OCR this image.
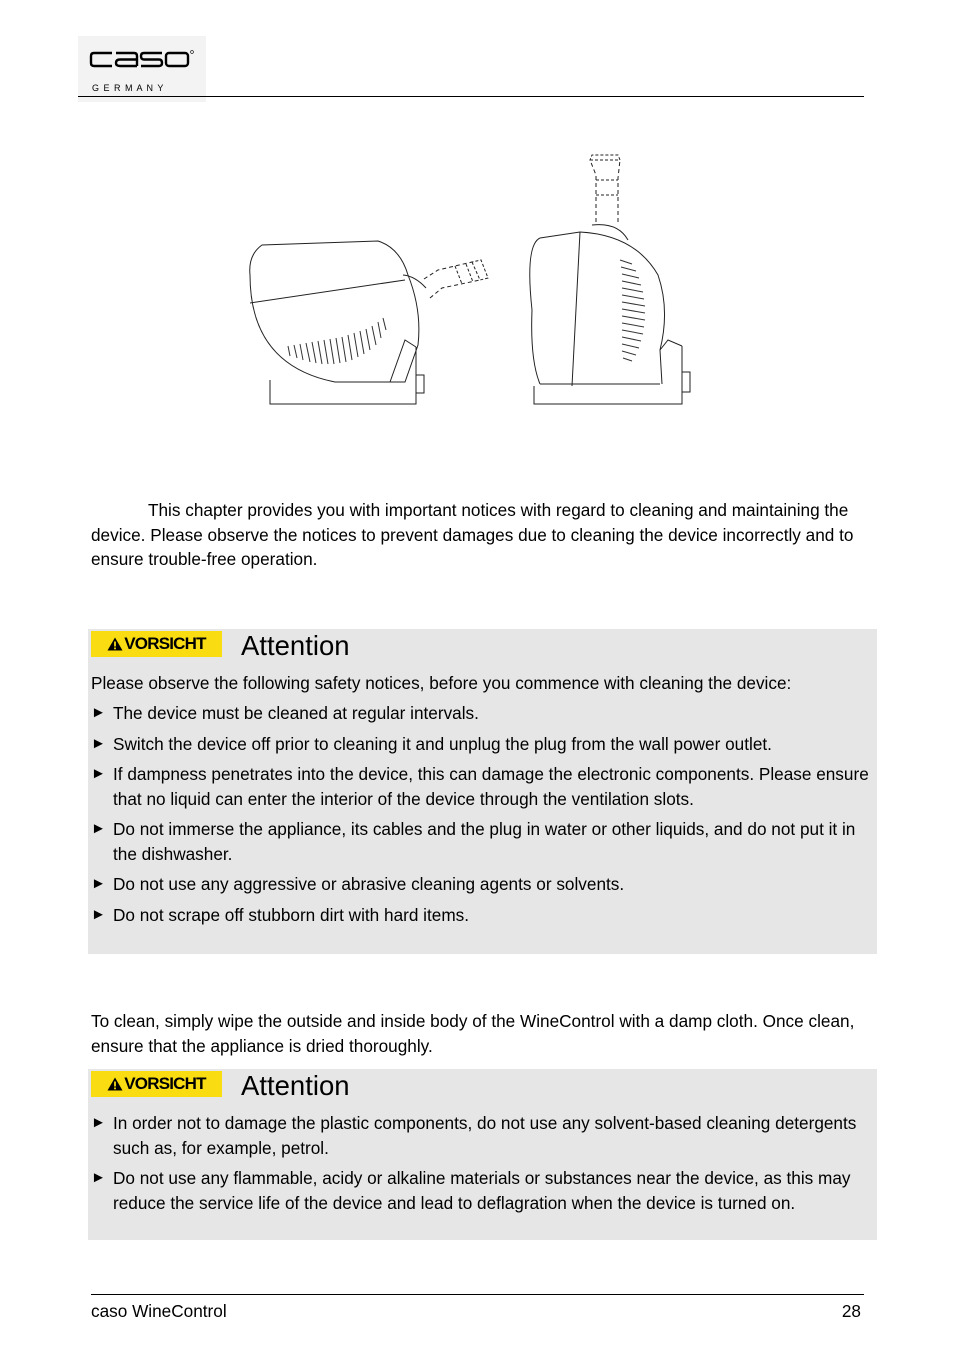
G E R M A N Y

This chapter provides you with important notices with regard to cleaning and maintaining the device. Please observe the notices to prevent damages due to cleaning the device incorrectly and to ensure trouble-free operation.

VORSICHT Attention

Please observe the following safety notices, before you commence with cleaning the device:

► The device must be cleaned at regular intervals.
► Switch the device off prior to cleaning it and unplug the plug from the wall power outlet.
► If dampness penetrates into the device, this can damage the electronic components. Please ensure that no liquid can enter the interior of the device through the ventilation slots.
► Do not immerse the appliance, its cables and the plug in water or other liquids, and do not put it in the dishwasher.
► Do not use any aggressive or abrasive cleaning agents or solvents.
► Do not scrape off stubborn dirt with hard items.

To clean, simply wipe the outside and inside body of the WineControl with a damp cloth. Once clean, ensure that the appliance is dried thoroughly.

VORSICHT Attention
► In order not to damage the plastic components, do not use any solvent-based cleaning detergents such as, for example, petrol.
► Do not use any flammable, acidy or alkaline materials or substances near the device, as this may reduce the service life of the device and lead to deflagration when the device is turned on.
caso WineControl	28
